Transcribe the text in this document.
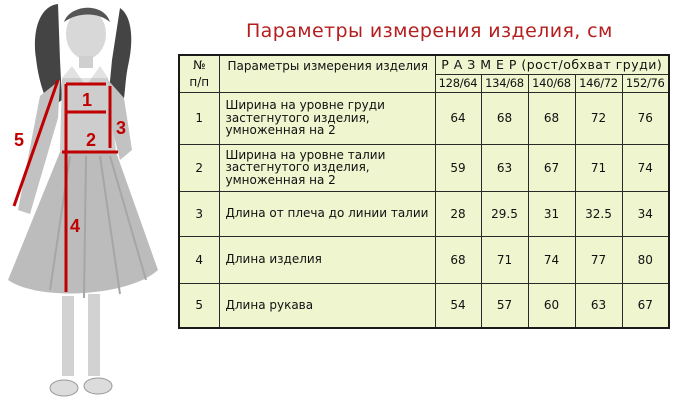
1
2
3
4
5
Параметры измерения изделия, см
№
п/п	Параметры измерения изделия	Р А З М Е Р (рост/обхват груди)				
		128/64	134/68	140/68	146/72	152/76
1	Ширина на уровне груди застегнутого изделия, умноженная на 2	64	68	68	72	76
2	Ширина на уровне талии застегнутого изделия, умноженная на 2	59	63	67	71	74
3	Длина от плеча до линии талии	28	29.5	31	32.5	34
4	Длина изделия	68	71	74	77	80
5	Длина рукава	54	57	60	63	67
